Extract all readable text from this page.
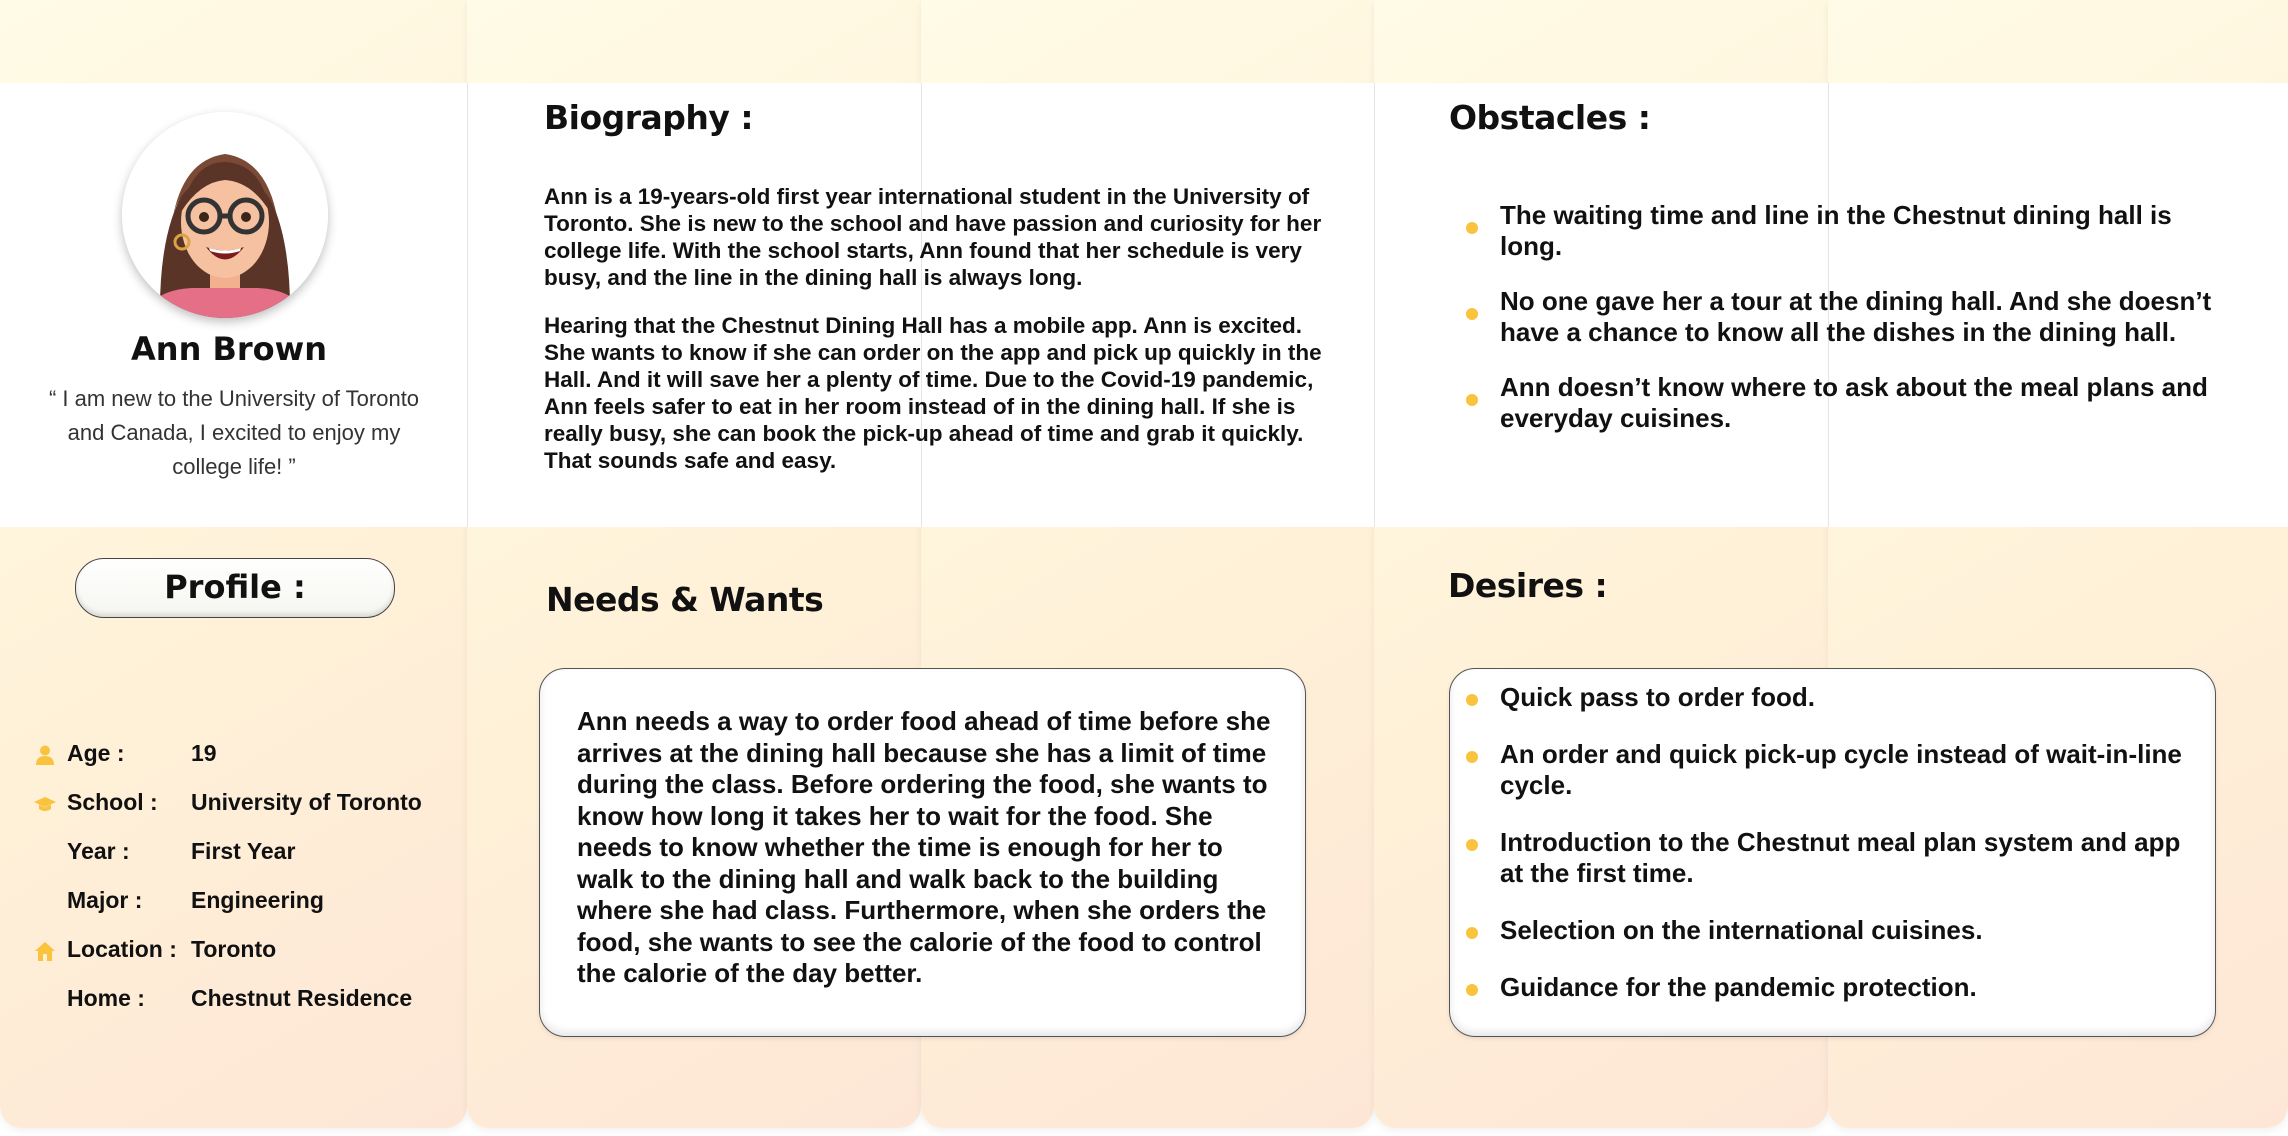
Ann Brown
“ I am new to the University of Toronto and Canada, I excited to enjoy my college life! ”
Profile :
Age :	19
School : University of Toronto
Year :	First Year
Major : Engineering
Location : Toronto
Home : Chestnut Residence
Biography :
Ann is a 19-years-old first year international student in the University of Toronto. She is new to the school and have passion and curiosity for her college life. With the school starts, Ann found that her schedule is very busy, and the line in the dining hall is always long.
Hearing that the Chestnut Dining Hall has a mobile app. Ann is excited. She wants to know if she can order on the app and pick up quickly in the Hall. And it will save her a plenty of time. Due to the Covid-19 pandemic, Ann feels safer to eat in her room instead of in the dining hall. If she is really busy, she can book the pick-up ahead of time and grab it quickly. That sounds safe and easy.
Obstacles :
The waiting time and line in the Chestnut dining hall is long.
No one gave her a tour at the dining hall. And she doesn’t have a chance to know all the dishes in the dining hall.
Ann doesn’t know where to ask about the meal plans and everyday cuisines.
Needs & Wants
Ann needs a way to order food ahead of time before she arrives at the dining hall because she has a limit of time during the class. Before ordering the food, she wants to know how long it takes her to wait for the food. She needs to know whether the time is enough for her to walk to the dining hall and walk back to the building where she had class. Furthermore, when she orders the food, she wants to see the calorie of the food to control the calorie of the day better.
Desires :
Quick pass to order food.
An order and quick pick-up cycle instead of wait-in-line cycle.
Introduction to the Chestnut meal plan system and app at the first time.
Selection on the international cuisines.
Guidance for the pandemic protection.
